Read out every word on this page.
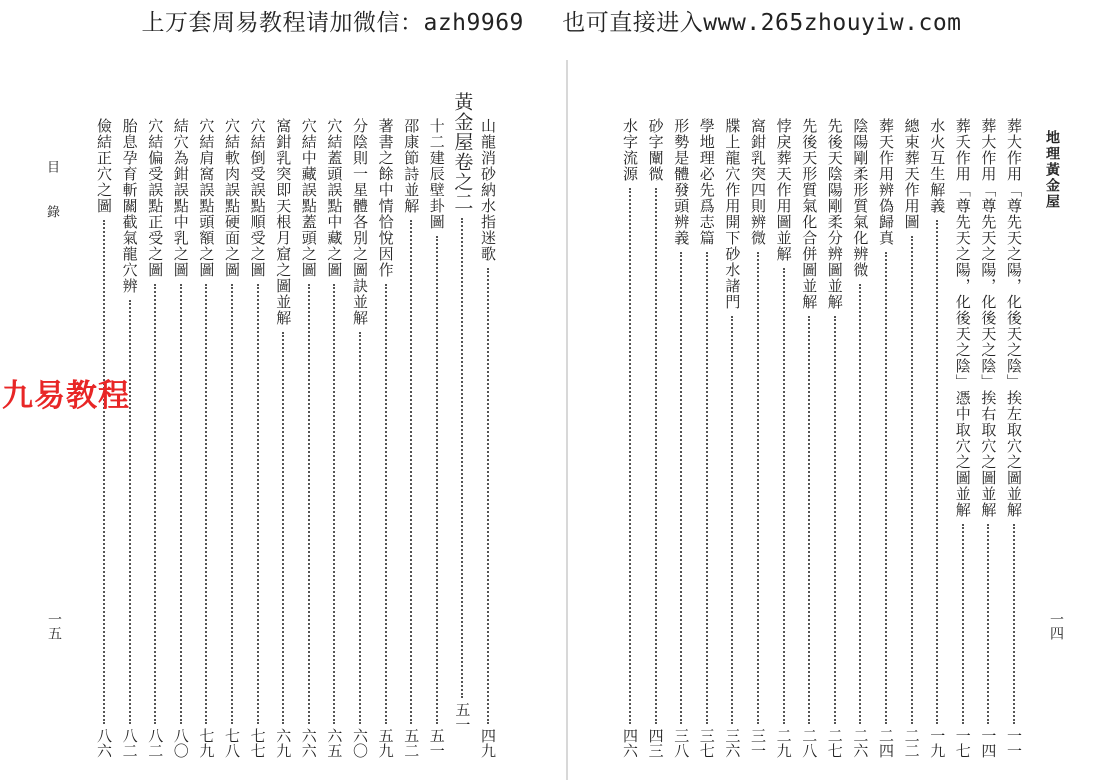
上万套周易教程请加微信：azh9969 也可直接进入www.265zhouyiw.com
目 錄
一五
山龍消砂納水指迷歌
四九
黃金屋卷之二
五一
十二建辰壁卦圖
五一
邵康節詩並解
五二
著書之餘中情恰悅因作
五九
分陰則一星體各別之圖訣並解
六〇
穴結蓋頭誤點中藏之圖
六五
穴結中藏誤點蓋頭之圖
六六
窩鉗乳突即天根月窟之圖並解
六九
穴結倒受誤點順受之圖
七七
穴結軟肉誤點硬面之圖
七八
穴結肩窩誤點頭額之圖
七九
結穴為鉗誤點中乳之圖
八〇
穴結偏受誤點正受之圖
八二
胎息孕育斬關截氣龍穴辨
八二
儉結正穴之圖
八六
地理黃金屋
一四
葬大作用「尊先天之陽，化後天之陰」挨左取穴之圖並解
一一
葬大作用「尊先天之陽，化後天之陰」挨右取穴之圖並解
一四
葬夭作用「尊先天之陽，化後天之陰」憑中取穴之圖並解
一七
水火互生解義
一九
總束葬天作用圖
二二
葬天作用辨偽歸真
二四
陰陽剛柔形質氣化辨微
二六
先後天陰陽剛柔分辨圖並解
二七
先後天形質氣化合併圖並解
二八
悖戾葬天作用圖並解
二九
窩鉗乳突四則辨微
三一
牒上龍穴作用開下砂水諸門
三六
學地理必先爲志篇
三七
形勢是體發頭辨義
三八
砂字闡微
四三
水字流源
四六
九易教程
